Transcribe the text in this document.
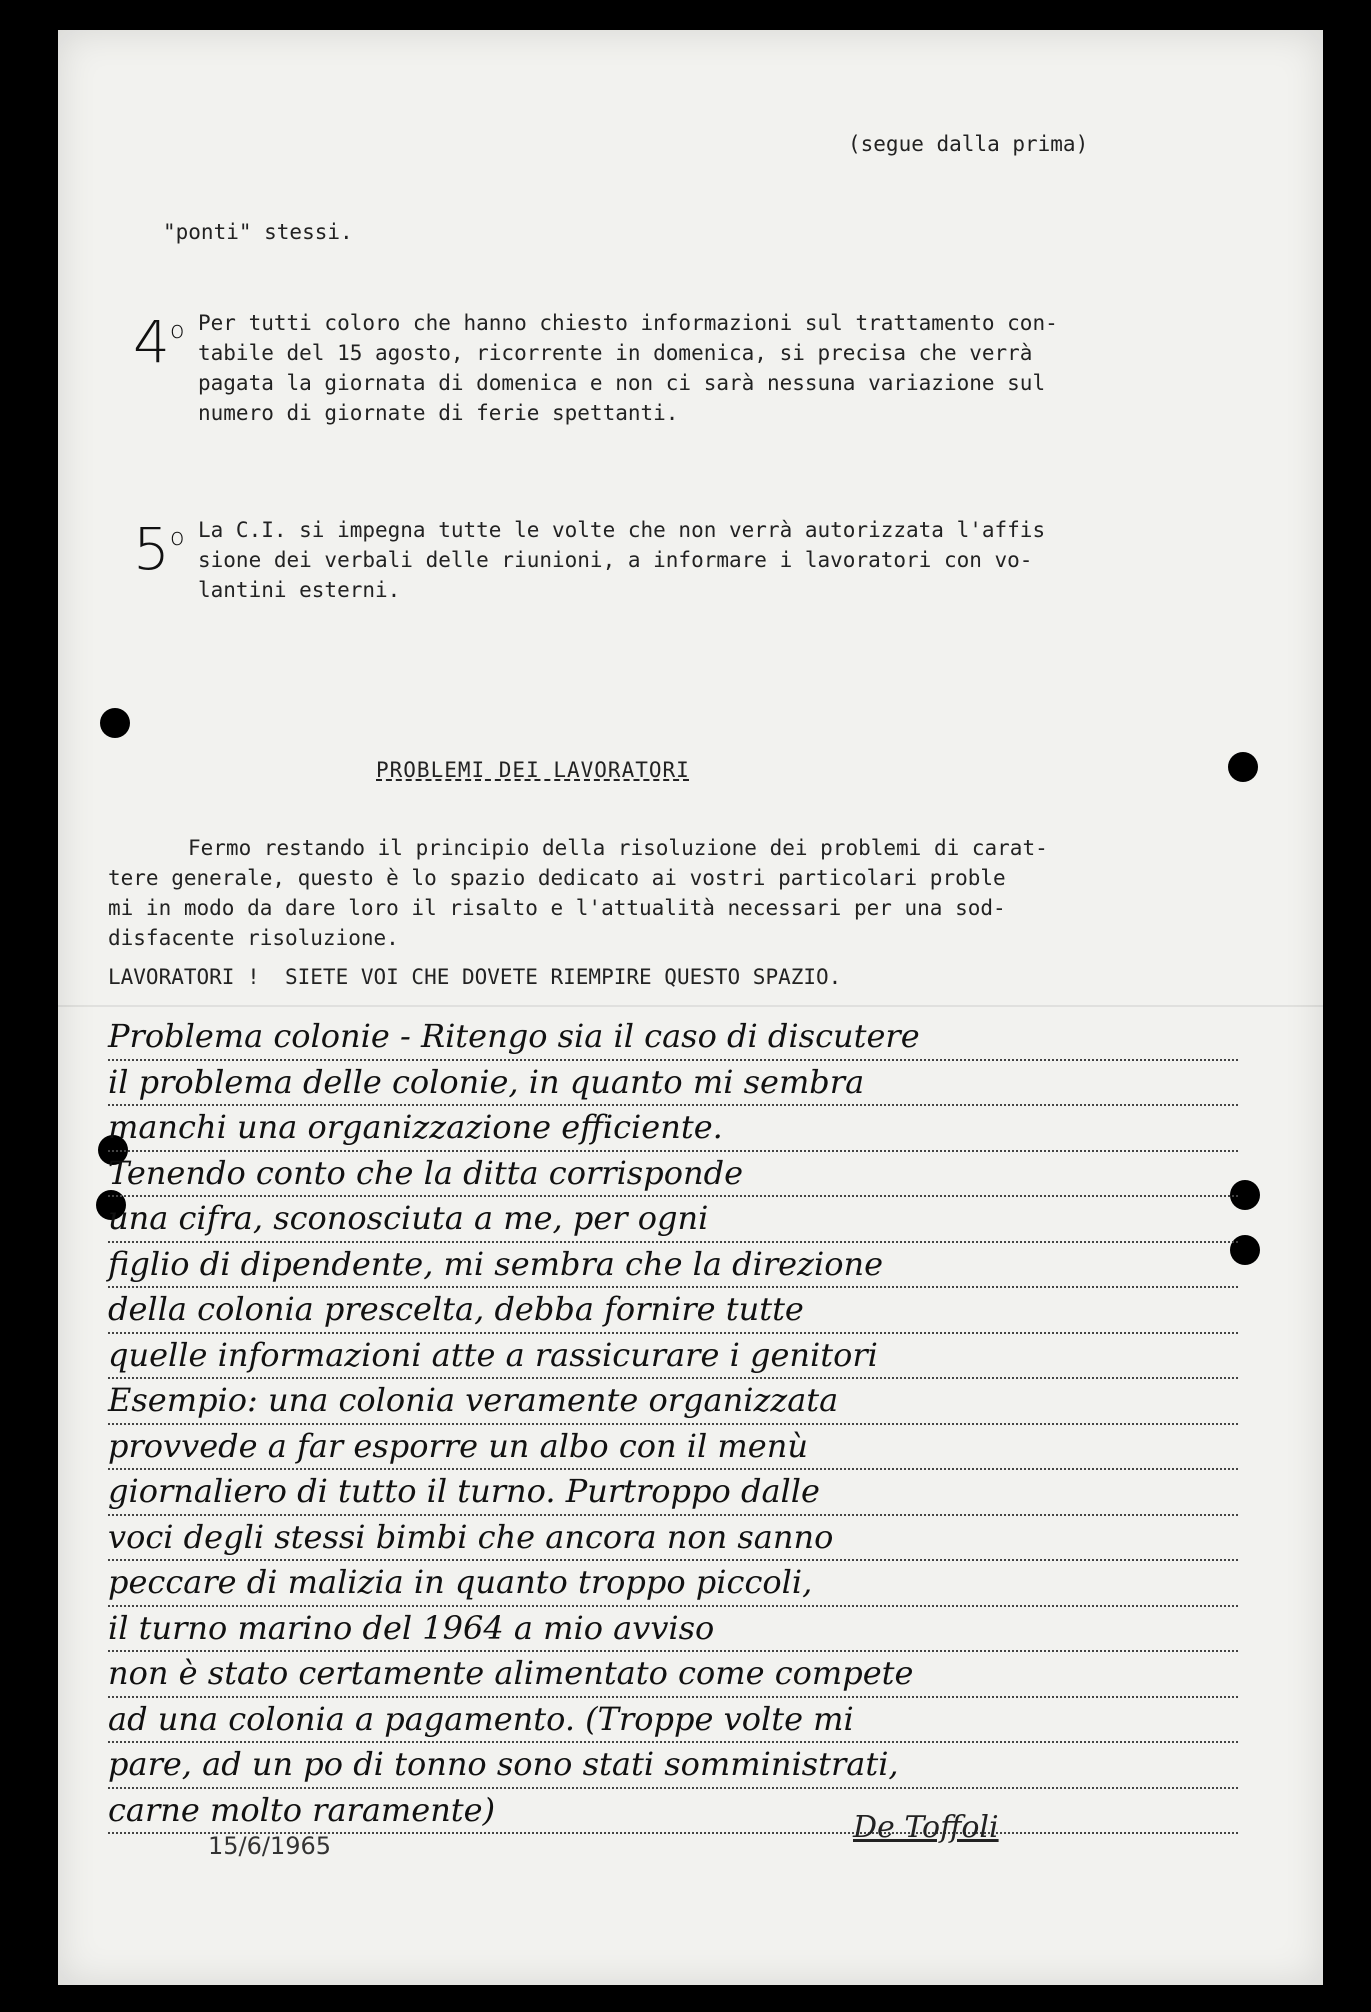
(segue dalla prima)
"ponti" stessi.
4$^o$ Per tutti coloro che hanno chiesto informazioni sul trattamento con-
tabile del 15 agosto, ricorrente in domenica, si precisa che verrà
pagata la giornata di domenica e non ci sarà nessuna variazione sul
numero di giornate di ferie spettanti.
5$^o$ La C.I. si impegna tutte le volte che non verrà autorizzata l'affis
sione dei verbali delle riunioni, a informare i lavoratori con vo-
lantini esterni.
PROBLEMI DEI LAVORATORI
Fermo restando il principio della risoluzione dei problemi di carat-
tere generale, questo è lo spazio dedicato ai vostri particolari proble
mi in modo da dare loro il risalto e l'attualità necessari per una sod-
disfacente risoluzione.
LAVORATORI !  SIETE VOI CHE DOVETE RIEMPIRE QUESTO SPAZIO.
Problema colonie - Ritengo sia il caso di discutere
il problema delle colonie, in quanto mi sembra
manchi una organizzazione efficiente.
Tenendo conto che la ditta corrisponde
una cifra, sconosciuta a me, per ogni
figlio di dipendente, mi sembra che la direzione
della colonia prescelta, debba fornire tutte
quelle informazioni atte a rassicurare i genitori
Esempio: una colonia veramente organizzata
provvede a far esporre un albo con il menù
giornaliero di tutto il turno. Purtroppo dalle
voci degli stessi bimbi che ancora non sanno
peccare di malizia in quanto troppo piccoli,
il turno marino del 1964 a mio avviso
non è stato certamente alimentato come compete
ad una colonia a pagamento. (Troppe volte mi
pare, ad un po di tonno sono stati somministrati,
carne molto raramente)
15/6/1965
De Toffoli
